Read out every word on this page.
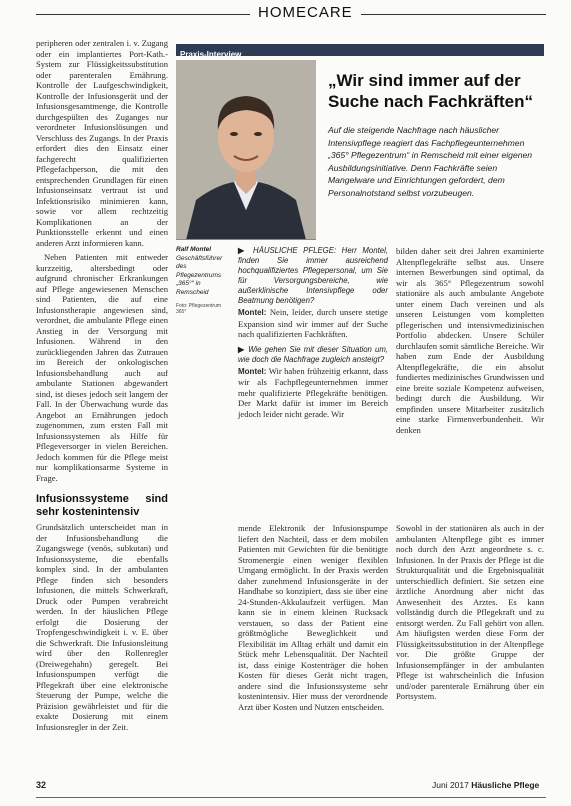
HOMECARE

peripheren oder zentralen i. v. Zugang oder ein implantiertes Port-Kath.-System zur Flüssigkeitssubstitution oder parenteralen Ernährung. Kontrolle der Laufgeschwindigkeit, Kontrolle der Infusionsgerät und der Infusionsgesamtmenge, die Kontrolle durchgespülten des Zuganges nur verordneter Infusionslösungen und Verschluss des Zugangs. In der Praxis erfordert dies den Einsatz einer fachgerecht qualifizierten Pflegefachperson, die mit den entsprechenden Grundlagen für einen Infusionseinsatz vertraut ist und Infektionsrisiko minimieren kann, sowie vor allem rechtzeitig Komplikationen an der Punktionsstelle erkennt und einen anderen Arzt informieren kann.

Neben Patienten mit entweder kurzzeitig, altersbedingt oder aufgrund chronischer Erkrankungen auf Pflege angewiesenen Menschen sind Patienten, die auf eine Infusionstherapie angewiesen sind, verordnet, die ambulante Pflege einen Anstieg in der Versorgung mit Infusionen. Während in den zurückliegenden Jahren das Zutrauen im Bereich der onkologischen Infusionsbehandlung auch auf ambulante Stationen abgewandert sind, ist dieses jedoch seit langem der Fall. In der Überwachung wurde das Angebot an Ernährungen jedoch zugenommen, zum ersten Fall mit Infusionssystemen als Hilfe für Pflegeversorger in vielen Bereichen. Jedoch kommen für die Pflege meist nur komplikationsarme Systeme in Frage.

Infusionssysteme sind sehr kostenintensiv

Grundsätzlich unterscheidet man in der Infusionsbehandlung die Zugangswege (venös, subkutan) und Infusionssysteme, die ebenfalls komplex sind. In der ambulanten Pflege finden sich besonders Infusionen, die mittels Schwerkraft, Druck oder Pumpen verabreicht werden. In der häuslichen Pflege erfolgt die Dosierung der Tropfengeschwindigkeit i. v. E. über die Schwerkraft. Die Infusionsleitung wird über den Rollenregler (Dreiwegehahn) geregelt. Bei Infusionspumpen verfügt die Pflegekraft über eine elektronische Steuerung der Pumpe, welche die Präzision gewährleistet und für die exakte Dosierung mit einem Infusionsregler in der Zeit.

Praxis-Interview
„Wir sind immer auf der Suche nach Fachkräften“
Auf die steigende Nachfrage nach häuslicher Intensivpflege reagiert das Fachpflegeunternehmen „365° Pflegezentrum“ in Remscheid mit einer eigenen Ausbildungsinitiative. Denn Fachkräfte seien Mangelware und Einrichtungen gefordert, dem Personalnotstand selbst vorzubeugen.
Ralf Montel
Geschäftsführer des Pflegezentrums „365°“ in Remscheid
Foto: Pflegezentrum 365°
▶ HÄUSLICHE PFLEGE: Herr Montel, finden Sie immer ausreichend hochqualifiziertes Pflegepersonal, um Sie für Versorgungsbereiche, wie außerklinische Intensivpflege oder Beatmung benötigen?
Montel: Nein, leider, durch unsere stetige Expansion sind wir immer auf der Suche nach qualifizierten Fachkräften.
▶ Wie gehen Sie mit dieser Situation um, wie doch die Nachfrage zugleich ansteigt?
Montel: Wir haben frühzeitig erkannt, dass wir als Fachpflegeunternehmen immer mehr qualifizierte Pflegekräfte benötigen. Der Markt dafür ist immer im Bereich jedoch leider nicht gerade. Wir

bilden daher seit drei Jahren examinierte Altenpflegekräfte selbst aus. Unsere internen Bewerbungen sind optimal, da wir als 365° Pflegezentrum sowohl stationäre als auch ambulante Angebote unter einem Dach vereinen und als unseren Leistungen vom kompletten pflegerischen und intensivmedizinischen Portfolio abdecken. Unsere Schüler durchlaufen somit sämtliche Bereiche. Wir haben zum Ende der Ausbildung Altenpflegekräfte, die ein absolut fundiertes medizinisches Grundwissen und eine breite soziale Kompetenz aufweisen, bedingt durch die Ausbildung. Wir empfinden unsere Mitarbeiter zusätzlich eine starke Firmenverbundenheit. Wir denken

mende Elektronik der Infusionspumpe liefert den Nachteil, dass er dem mobilen Patienten mit Gewichten für die benötigte Stromenergie einen weniger flexiblen Umgang ermöglicht. In der Praxis werden daher zunehmend Infusionsgeräte in der Handhabe so konzipiert, dass sie über eine 24-Stunden-Akkulaufzeit verfügen. Man kann sie in einem kleinen Rucksack verstauen, so dass der Patient eine größtmögliche Beweglichkeit und Flexibilität im Alltag erhält und damit ein Stück mehr Lebensqualität. Der Nachteil ist, dass einige Kostenträger die hohen Kosten für dieses Gerät nicht tragen, andere sind die Infusionssysteme sehr kostenintensiv. Hier muss der verordnende Arzt über Kosten und Nutzen entscheiden.

Sowohl in der stationären als auch in der ambulanten Altenpflege gibt es immer noch durch den Arzt angeordnete s. c. Infusionen. In der Praxis der Pflege ist die Strukturqualität und die Ergebnisqualität unterschiedlich definiert. Sie setzen eine ärztliche Anordnung aber nicht das Anwesenheit des Arztes. Es kann vollständig durch die Pflegekraft und zu entsorgt werden. Zu Fall gehört von allen. Am häufigsten werden diese Form der Flüssigkeitssubstitution in der Altenpflege vor. Die größte Gruppe der Infusionsempfänger in der ambulanten Pflege ist wahrscheinlich die Infusion und/oder parenterale Ernährung über ein Portsystem.

32	Juni 2017 Häusliche Pflege
